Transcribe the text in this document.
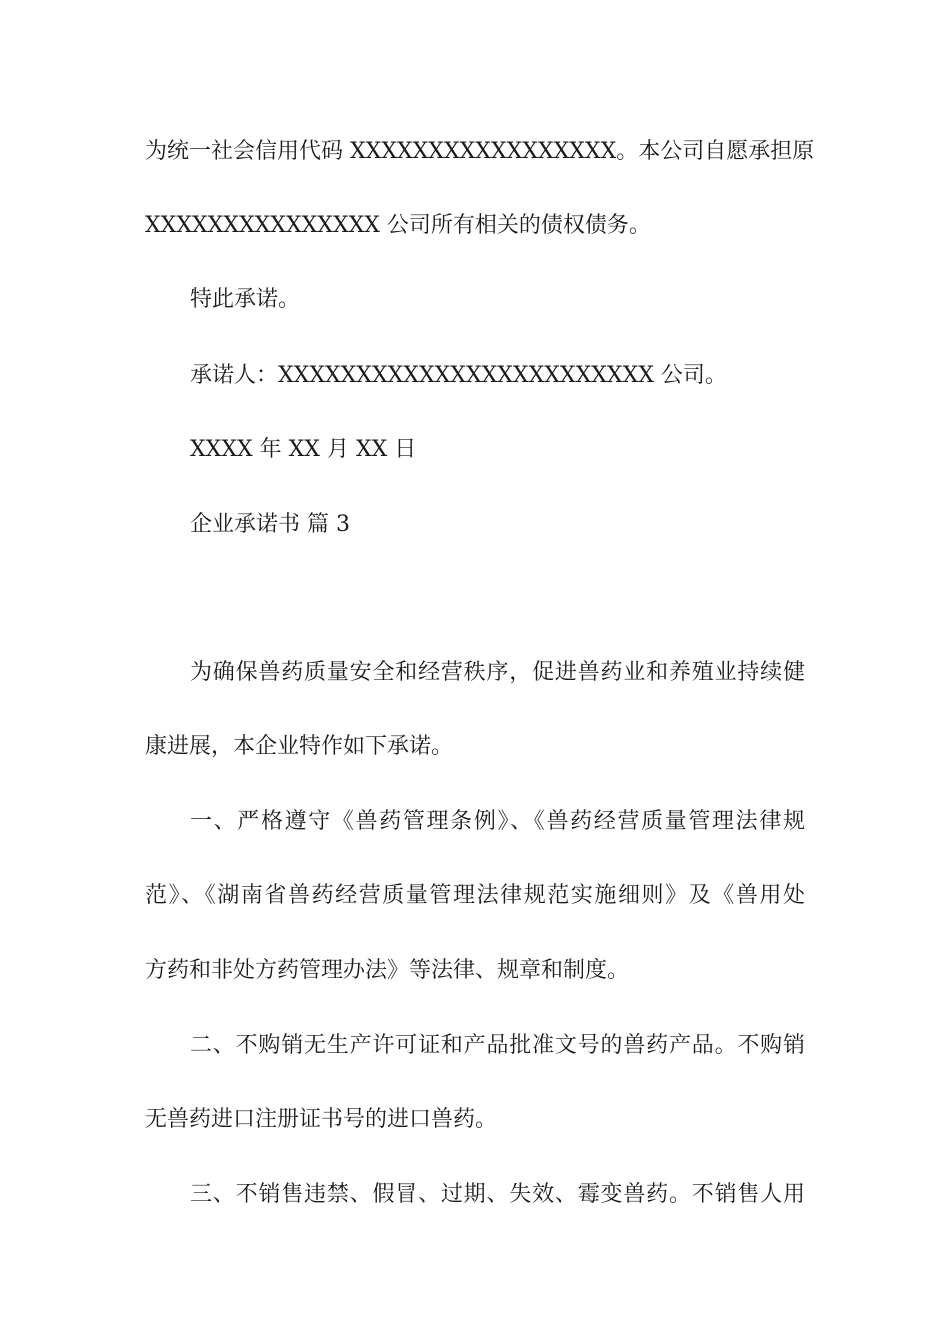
为统一社会信用代码 XXXXXXXXXXXXXXXXX。本公司自愿承担原
XXXXXXXXXXXXXXX 公司所有相关的债权债务。
特此承诺。
承诺人：XXXXXXXXXXXXXXXXXXXXXXXX 公司。
XXXX 年 XX 月 XX 日
企业承诺书 篇 3
为确保兽药质量安全和经营秩序，促进兽药业和养殖业持续健
康进展，本企业特作如下承诺。
一、严格遵守《兽药管理条例》、《兽药经营质量管理法律规
范》、《湖南省兽药经营质量管理法律规范实施细则》及《兽用处
方药和非处方药管理办法》等法律、规章和制度。
二、不购销无生产许可证和产品批准文号的兽药产品。不购销
无兽药进口注册证书号的进口兽药。
三、不销售违禁、假冒、过期、失效、霉变兽药。不销售人用
